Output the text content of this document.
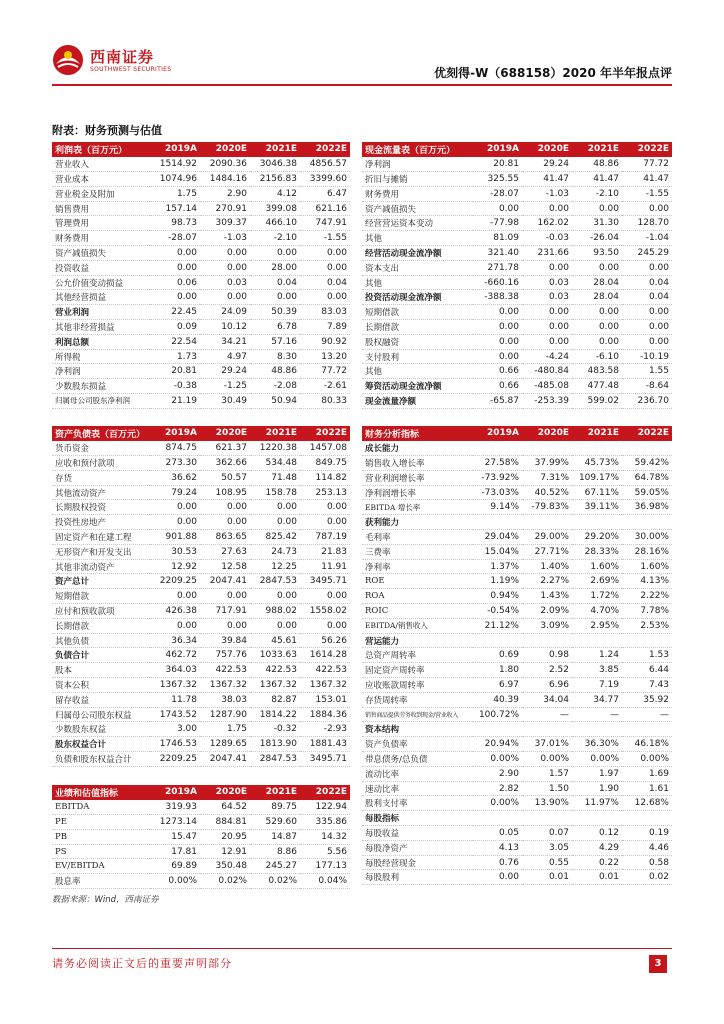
西南证券
SOUTHWEST SECURITIES	优刻得-W（688158）2020 年半年报点评
附表：财务预测与估值
利润表（百万元）	2019A	2020E	2021E	2022E
营业收入	1514.92	2090.36	3046.38	4856.57
营业成本	1074.96	1484.16	2156.83	3399.60
营业税金及附加	1.75	2.90	4.12	6.47
销售费用	157.14	270.91	399.08	621.16
管理费用	98.73	309.37	466.10	747.91
财务费用	-28.07	-1.03	-2.10	-1.55
资产减值损失	0.00	0.00	0.00	0.00
投资收益	0.00	0.00	28.00	0.00
公允价值变动损益	0.06	0.03	0.04	0.04
其他经营损益	0.00	0.00	0.00	0.00
营业利润	22.45	24.09	50.39	83.03
其他非经营损益	0.09	10.12	6.78	7.89
利润总额	22.54	34.21	57.16	90.92
所得税	1.73	4.97	8.30	13.20
净利润	20.81	29.24	48.86	77.72
少数股东损益	-0.38	-1.25	-2.08	-2.61
归属母公司股东净利润	21.19	30.49	50.94	80.33
现金流量表（百万元）	2019A	2020E	2021E	2022E
净利润	20.81	29.24	48.86	77.72
折旧与摊销	325.55	41.47	41.47	41.47
财务费用	-28.07	-1.03	-2.10	-1.55
资产减值损失	0.00	0.00	0.00	0.00
经营营运资本变动	-77.98	162.02	31.30	128.70
其他	81.09	-0.03	-26.04	-1.04
经营活动现金流净额	321.40	231.66	93.50	245.29
资本支出	271.78	0.00	0.00	0.00
其他	-660.16	0.03	28.04	0.04
投资活动现金流净额	-388.38	0.03	28.04	0.04
短期借款	0.00	0.00	0.00	0.00
长期借款	0.00	0.00	0.00	0.00
股权融资	0.00	0.00	0.00	0.00
支付股利	0.00	-4.24	-6.10	-10.19
其他	0.66	-480.84	483.58	1.55
筹资活动现金流净额	0.66	-485.08	477.48	-8.64
现金流量净额	-65.87	-253.39	599.02	236.70
资产负债表（百万元）	2019A	2020E	2021E	2022E
货币资金	874.75	621.37	1220.38	1457.08
应收和预付款项	273.30	362.66	534.48	849.75
存货	36.62	50.57	71.48	114.82
其他流动资产	79.24	108.95	158.78	253.13
长期股权投资	0.00	0.00	0.00	0.00
投资性房地产	0.00	0.00	0.00	0.00
固定资产和在建工程	901.88	863.65	825.42	787.19
无形资产和开发支出	30.53	27.63	24.73	21.83
其他非流动资产	12.92	12.58	12.25	11.91
资产总计	2209.25	2047.41	2847.53	3495.71
短期借款	0.00	0.00	0.00	0.00
应付和预收款项	426.38	717.91	988.02	1558.02
长期借款	0.00	0.00	0.00	0.00
其他负债	36.34	39.84	45.61	56.26
负债合计	462.72	757.76	1033.63	1614.28
股本	364.03	422.53	422.53	422.53
资本公积	1367.32	1367.32	1367.32	1367.32
留存收益	11.78	38.03	82.87	153.01
归属母公司股东权益	1743.52	1287.90	1814.22	1884.36
少数股东权益	3.00	1.75	-0.32	-2.93
股东权益合计	1746.53	1289.65	1813.90	1881.43
负债和股东权益合计	2209.25	2047.41	2847.53	3495.71
业绩和估值指标	2019A	2020E	2021E	2022E
EBITDA	319.93	64.52	89.75	122.94
PE	1273.14	884.81	529.60	335.86
PB	15.47	20.95	14.87	14.32
PS	17.81	12.91	8.86	5.56
EV/EBITDA	69.89	350.48	245.27	177.13
股息率	0.00%	0.02%	0.02%	0.04%
财务分析指标	2019A	2020E	2021E	2022E
成长能力				
销售收入增长率	27.58%	37.99%	45.73%	59.42%
营业利润增长率	-73.92%	7.31%	109.17%	64.78%
净利润增长率	-73.03%	40.52%	67.11%	59.05%
EBITDA 增长率	9.14%	-79.83%	39.11%	36.98%
获利能力				
毛利率	29.04%	29.00%	29.20%	30.00%
三费率	15.04%	27.71%	28.33%	28.16%
净利率	1.37%	1.40%	1.60%	1.60%
ROE	1.19%	2.27%	2.69%	4.13%
ROA	0.94%	1.43%	1.72%	2.22%
ROIC	-0.54%	2.09%	4.70%	7.78%
EBITDA/销售收入	21.12%	3.09%	2.95%	2.53%
营运能力				
总资产周转率	0.69	0.98	1.24	1.53
固定资产周转率	1.80	2.52	3.85	6.44
应收账款周转率	6.97	6.96	7.19	7.43
存货周转率	40.39	34.04	34.77	35.92
销售商品提供劳务收到现金/营业收入	100.72%	—	—	—
资本结构				
资产负债率	20.94%	37.01%	36.30%	46.18%
带息债务/总负债	0.00%	0.00%	0.00%	0.00%
流动比率	2.90	1.57	1.97	1.69
速动比率	2.82	1.50	1.90	1.61
股利支付率	0.00%	13.90%	11.97%	12.68%
每股指标				
每股收益	0.05	0.07	0.12	0.19
每股净资产	4.13	3.05	4.29	4.46
每股经营现金	0.76	0.55	0.22	0.58
每股股利	0.00	0.01	0.01	0.02
数据来源：Wind，西南证券
请务必阅读正文后的重要声明部分	3
